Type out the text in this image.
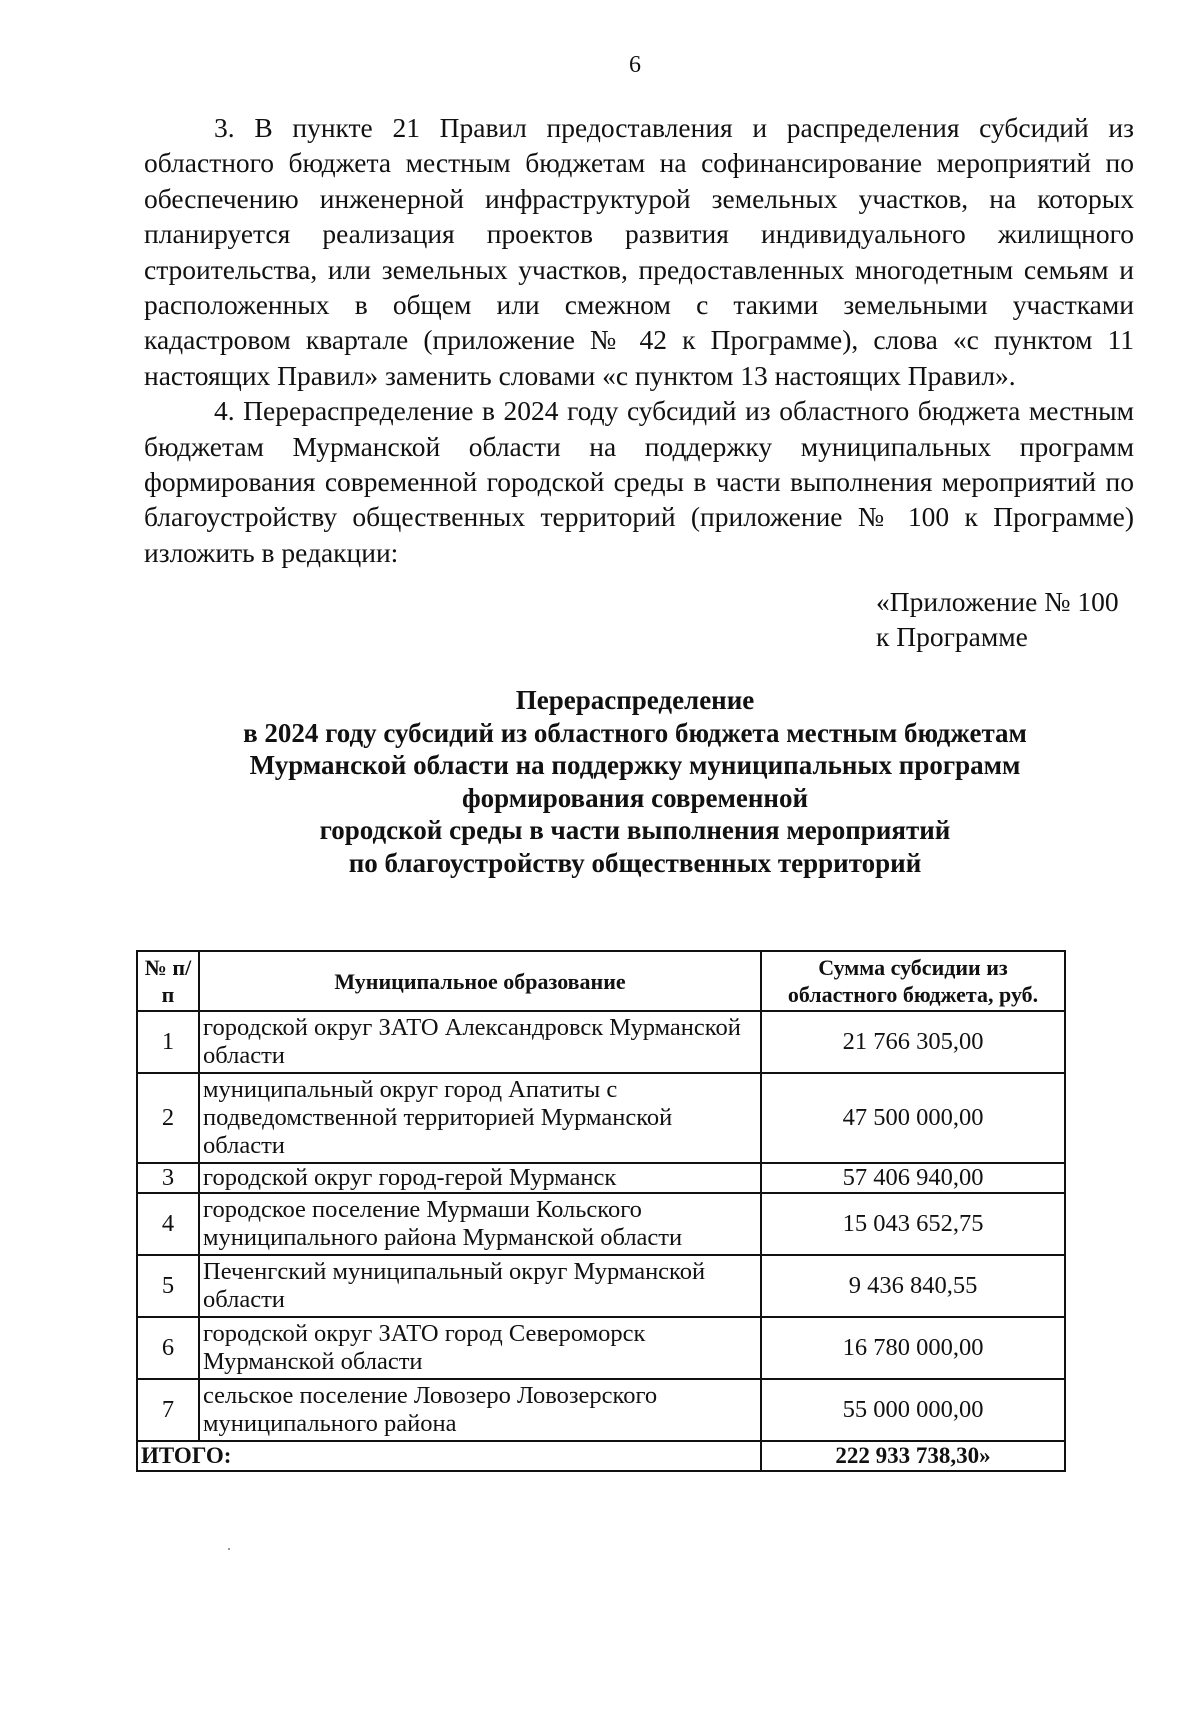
6

3. В пункте 21 Правил предоставления и распределения субсидий из областного бюджета местным бюджетам на софинансирование мероприятий по обеспечению инженерной инфраструктурой земельных участков, на которых планируется реализация проектов развития индивидуального жилищного строительства, или земельных участков, предоставленных многодетным семьям и расположенных в общем или смежном с такими земельными участками кадастровом квартале (приложение № 42 к Программе), слова «с пунктом 11 настоящих Правил» заменить словами «с пунктом 13 настоящих Правил».

4. Перераспределение в 2024 году субсидий из областного бюджета местным бюджетам Мурманской области на поддержку муниципальных программ формирования современной городской среды в части выполнения мероприятий по благоустройству общественных территорий (приложение № 100 к Программе) изложить в редакции:

«Приложение № 100
к Программе
Перераспределение
в 2024 году субсидий из областного бюджета местным бюджетам
Мурманской области на поддержку муниципальных программ
формирования современной
городской среды в части выполнения мероприятий
по благоустройству общественных территорий
№ п/п	Муниципальное образование	Сумма субсидии из областного бюджета, руб.
1	городской округ ЗАТО Александровск Мурманской области	21 766 305,00
2	муниципальный округ город Апатиты с подведомственной территорией Мурманской области	47 500 000,00
3	городской округ город-герой Мурманск	57 406 940,00
4	городское поселение Мурмаши Кольского муниципального района Мурманской области	15 043 652,75
5	Печенгский муниципальный округ Мурманской области	9 436 840,55
6	городской округ ЗАТО город Североморск Мурманской области	16 780 000,00
7	сельское поселение Ловозеро Ловозерского муниципального района	55 000 000,00
ИТОГО:		222 933 738,30»
